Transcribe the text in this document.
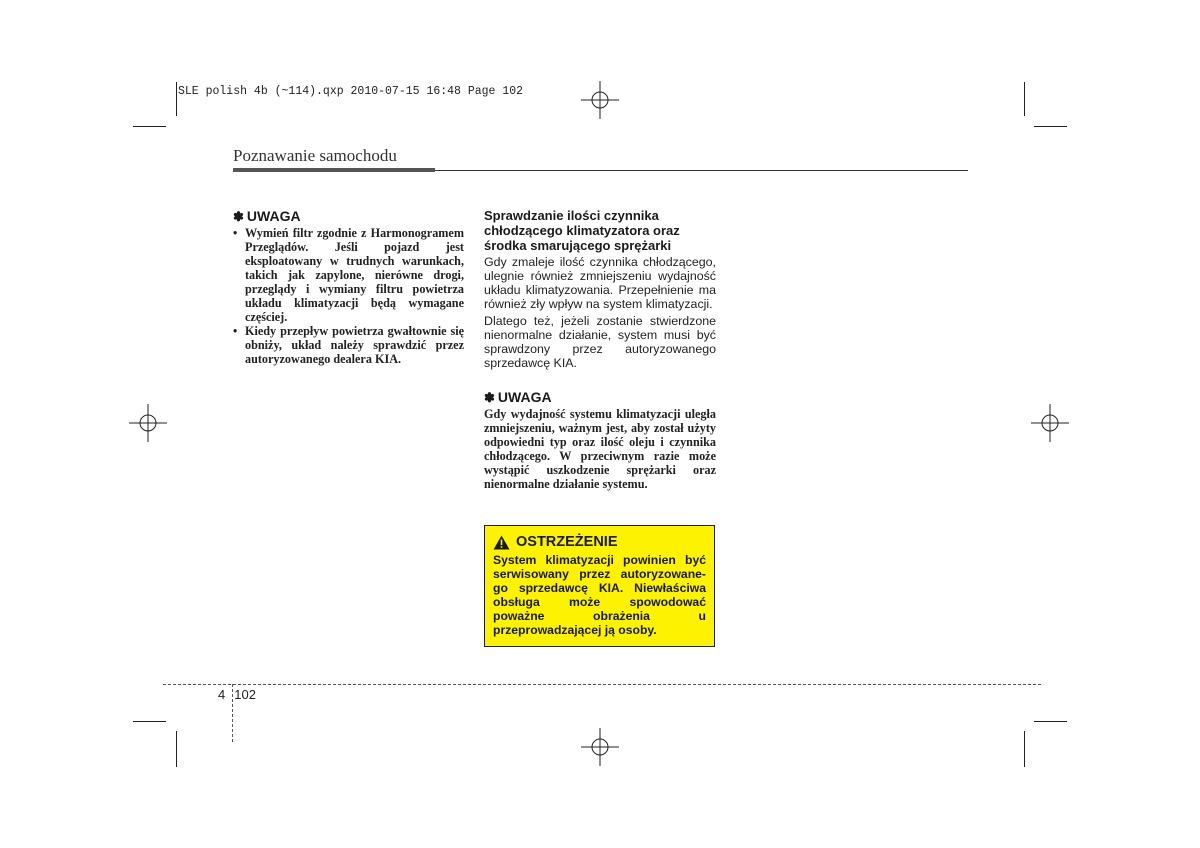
SLE polish 4b (~114).qxp 2010-07-15 16:48 Page 102
Poznawanie samochodu
✽ UWAGA
• Wymień filtr zgodnie z Harmonogramem Przeglądów. Jeśli pojazd jest eksploatowany w trudnych warunkach, takich jak zapylone, nierówne drogi, przeglądy i wymiany filtru powietrza układu klimatyzacji będą wymagane częściej.
• Kiedy przepływ powietrza gwałtownie się obniży, układ należy sprawdzić przez autoryzowanego dealera KIA.
Sprawdzanie ilości czynnika chłodzącego klimatyzatora oraz środka smarującego sprężarki

Gdy zmaleje ilość czynnika chłodzącego, ulegnie również zmniejszeniu wydajność układu klimatyzowania. Przepełnienie ma również zły wpływ na system klimatyzacji.

Dlatego też, jeżeli zostanie stwierdzone nienormalne działanie, system musi być sprawdzony przez autoryzowanego sprzedawcę KIA.

✽ UWAGA
Gdy wydajność systemu klimatyzacji uległa zmniejszeniu, ważnym jest, aby został użyty odpowiedni typ oraz ilość oleju i czynnika chłodzącego. W przeciwnym razie może wystąpić uszkodzenie sprężarki oraz nienormalne działanie systemu.
OSTRZEŻENIE
System klimatyzacji powinien być serwisowany przez autoryzowane-go sprzedawcę KIA. Niewłaściwa obsługa może spowodować poważne obrażenia u przeprowadzającej ją osoby.
4 102
